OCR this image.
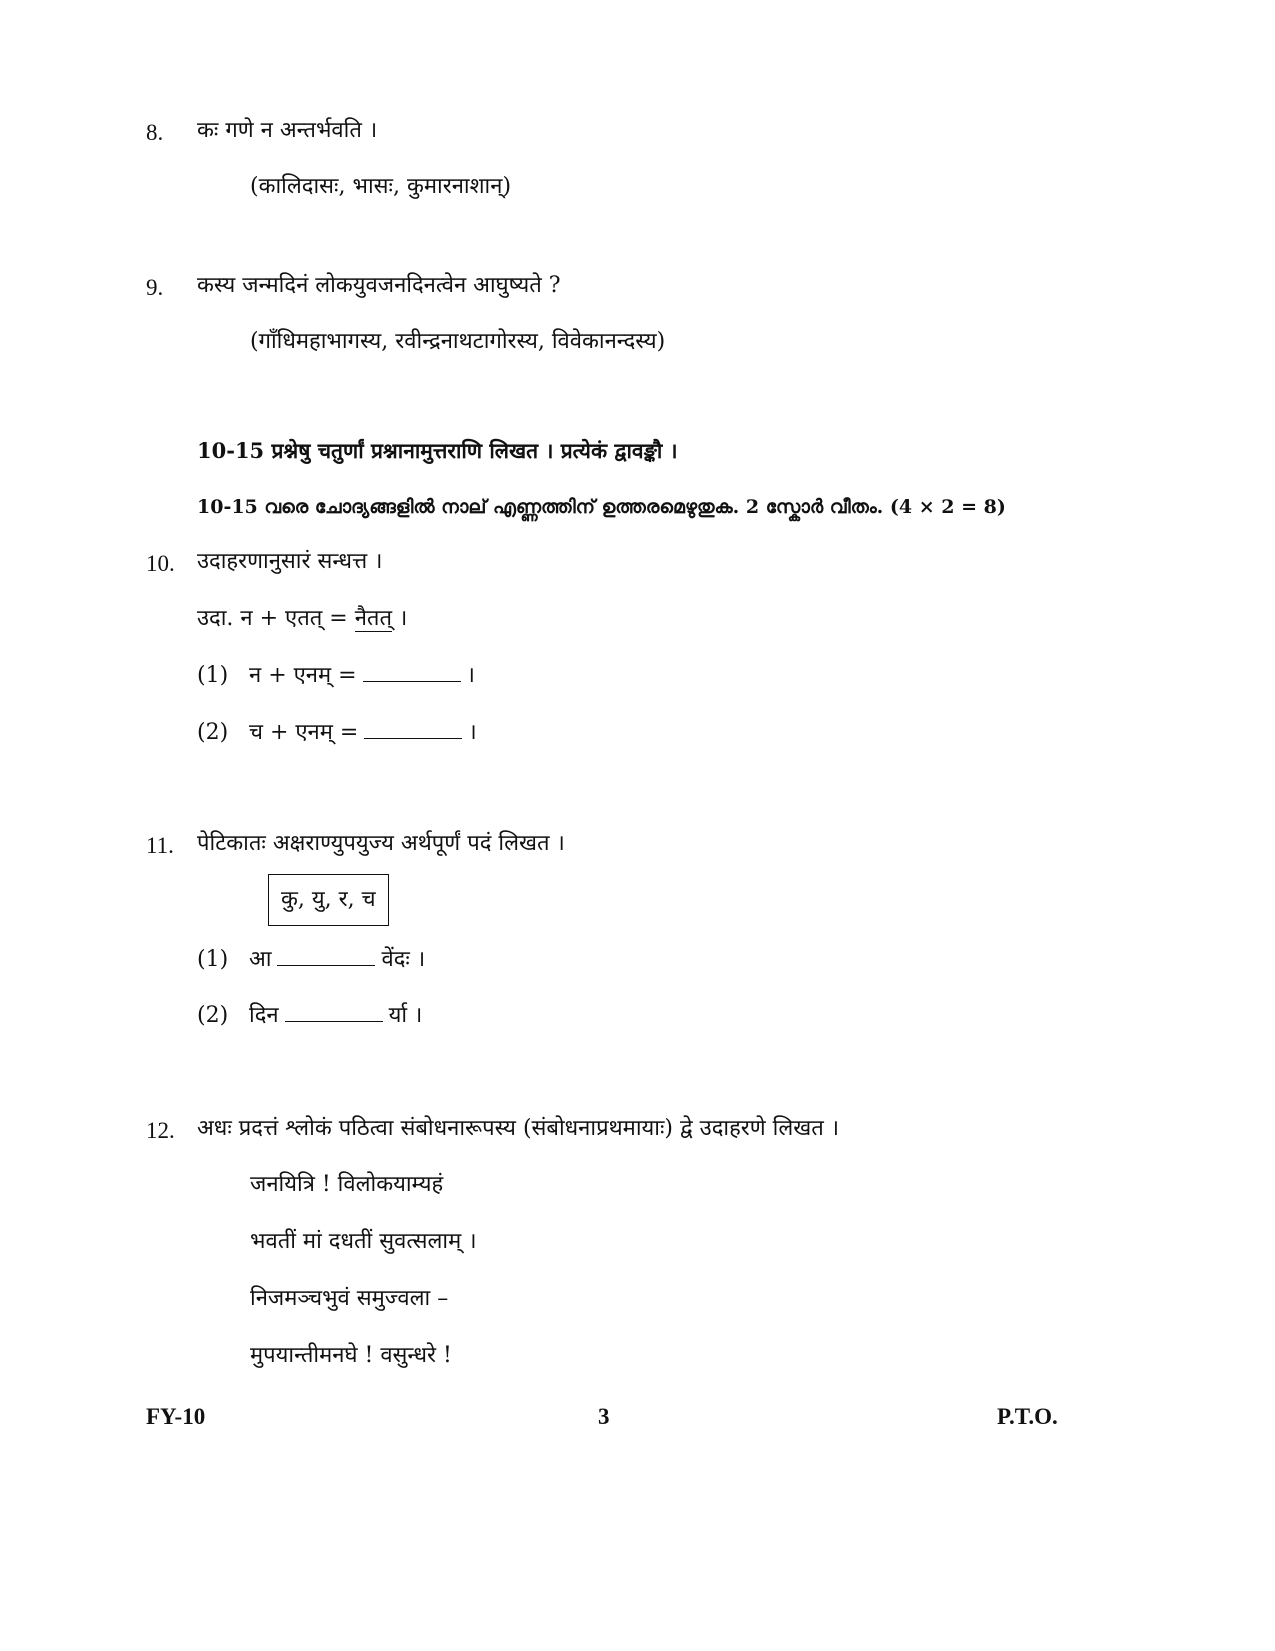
8. कः गणे न अन्तर्भवति ।
(कालिदासः, भासः, कुमारनाशान्)
9. कस्य जन्मदिनं लोकयुवजनदिनत्वेन आघुष्यते ?
(गाँधिमहाभागस्य, रवीन्द्रनाथटागोरस्य, विवेकानन्दस्य)
10-15 प्रश्नेषु चतुर्णां प्रश्नानामुत्तराणि लिखत । प्रत्येकं द्वावङ्कौ ।
10-15 വരെ ചോദ്യങ്ങളിൽ നാല് എണ്ണത്തിന് ഉത്തരമെഴുതുക. 2 സ്കോർ വീതം. (4 × 2 = 8)
10. उदाहरणानुसारं सन्धत्त ।
उदा. न + एतत् = नैतत् ।
(1) न + एनम् =	।
(2) च + एनम् =	।
11. पेटिकातः अक्षराण्युपयुज्य अर्थपूर्णं पदं लिखत ।
कु, यु, र, च
(1) आ	वेंदः ।
(2) दिन	र्या ।
12. अधः प्रदत्तं श्लोकं पठित्वा संबोधनारूपस्य (संबोधनाप्रथमायाः) द्वे उदाहरणे लिखत ।
जनयित्रि ! विलोकयाम्यहं
भवतीं मां दधतीं सुवत्सलाम् ।
निजमञ्चभुवं समुज्वला –
मुपयान्तीमनघे ! वसुन्धरे !
FY-10	3	P.T.O.
